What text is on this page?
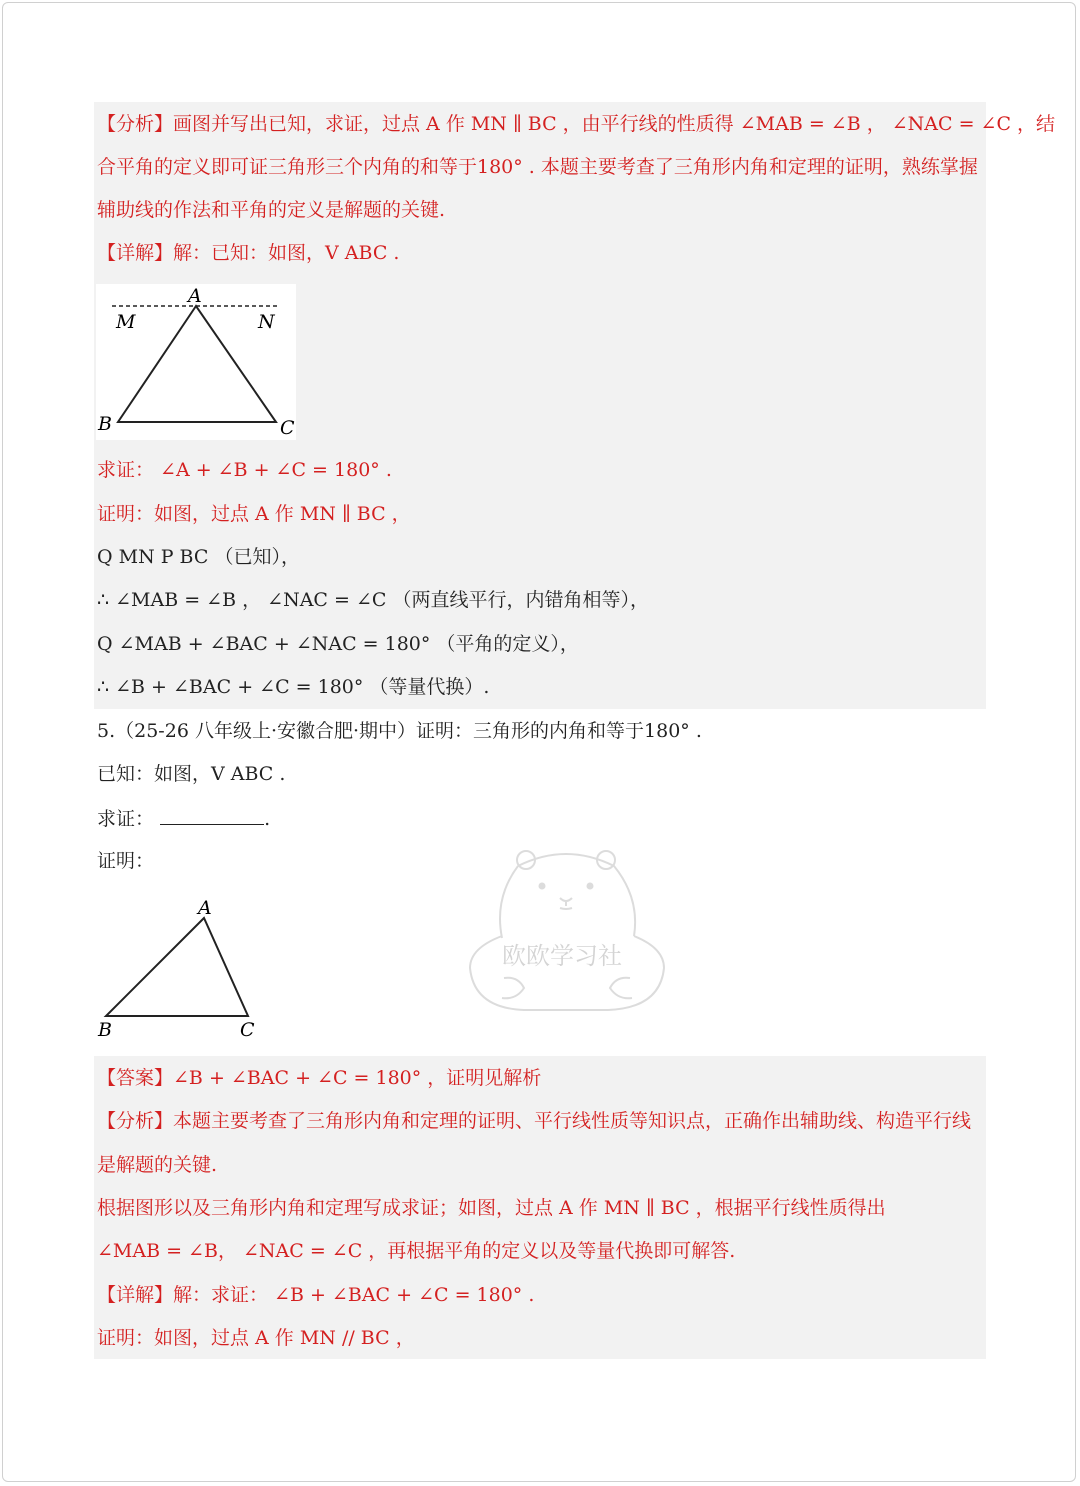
【分析】画图并写出已知，求证，过点 A 作 MN ∥ BC ，由平行线的性质得 ∠MAB = ∠B ， ∠NAC = ∠C ，结
合平角的定义即可证三角形三个内角的和等于180° . 本题主要考查了三角形内角和定理的证明，熟练掌握
辅助线的作法和平角的定义是解题的关键.
【详解】解：已知：如图，V ABC .
A
M	N
B	C
求证： ∠A + ∠B + ∠C = 180° .
证明：如图，过点 A 作 MN ∥ BC ，
Q MN P BC （已知），
∴ ∠MAB = ∠B ， ∠NAC = ∠C （两直线平行，内错角相等），
Q ∠MAB + ∠BAC + ∠NAC = 180° （平角的定义），
∴ ∠B + ∠BAC + ∠C = 180° （等量代换）.
5.（25-26 八年级上·安徽合肥·期中）证明：三角形的内角和等于180° .
已知：如图，V ABC .
求证：	.
证明：
A
B	C
欧欧学习社
【答案】∠B + ∠BAC + ∠C = 180° ，证明见解析
【分析】本题主要考查了三角形内角和定理的证明、平行线性质等知识点，正确作出辅助线、构造平行线
是解题的关键.
根据图形以及三角形内角和定理写成求证；如图，过点 A 作 MN ∥ BC ，根据平行线性质得出
∠MAB = ∠B， ∠NAC = ∠C ，再根据平角的定义以及等量代换即可解答.
【详解】解：求证： ∠B + ∠BAC + ∠C = 180° .
证明：如图，过点 A 作 MN // BC ，
